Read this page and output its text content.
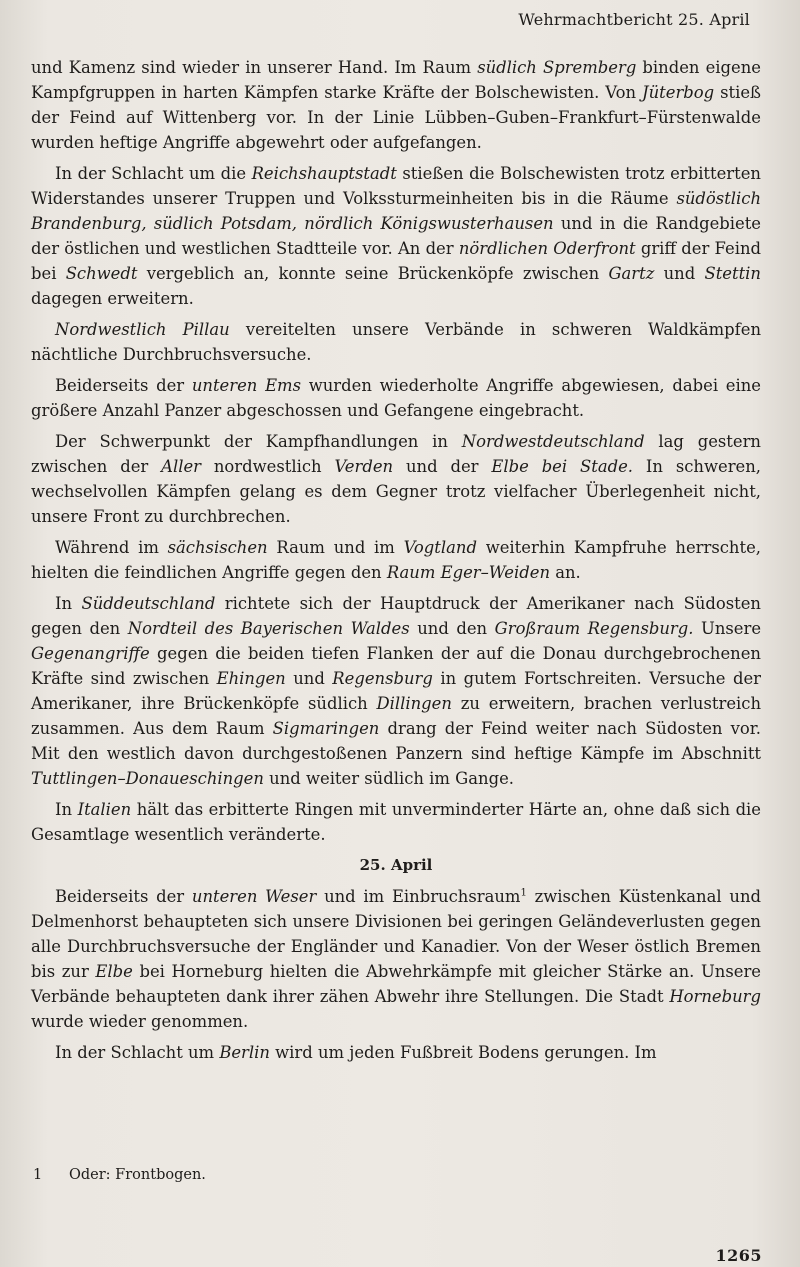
Wehrmachtbericht 25. April

und Kamenz sind wieder in unserer Hand. Im Raum südlich Spremberg binden eigene Kampfgruppen in harten Kämpfen starke Kräfte der Bolschewisten. Von Jüterbog stieß der Feind auf Wittenberg vor. In der Linie Lübben–Guben–Frankfurt–Fürstenwalde wurden heftige Angriffe abgewehrt oder aufgefangen.

In der Schlacht um die Reichshauptstadt stießen die Bolschewisten trotz erbitterten Widerstandes unserer Truppen und Volkssturmeinheiten bis in die Räume südöstlich Brandenburg, südlich Potsdam, nördlich Königswusterhausen und in die Randgebiete der östlichen und westlichen Stadtteile vor. An der nördlichen Oderfront griff der Feind bei Schwedt vergeblich an, konnte seine Brückenköpfe zwischen Gartz und Stettin dagegen erweitern.

Nordwestlich Pillau vereitelten unsere Verbände in schweren Waldkämpfen nächtliche Durchbruchsversuche.

Beiderseits der unteren Ems wurden wiederholte Angriffe abgewiesen, dabei eine größere Anzahl Panzer abgeschossen und Gefangene eingebracht.

Der Schwerpunkt der Kampfhandlungen in Nordwestdeutschland lag gestern zwischen der Aller nordwestlich Verden und der Elbe bei Stade. In schweren, wechselvollen Kämpfen gelang es dem Gegner trotz vielfacher Überlegenheit nicht, unsere Front zu durchbrechen.

Während im sächsischen Raum und im Vogtland weiterhin Kampfruhe herrschte, hielten die feindlichen Angriffe gegen den Raum Eger–Weiden an.

In Süddeutschland richtete sich der Hauptdruck der Amerikaner nach Südosten gegen den Nordteil des Bayerischen Waldes und den Großraum Regensburg. Unsere Gegenangriffe gegen die beiden tiefen Flanken der auf die Donau durchgebrochenen Kräfte sind zwischen Ehingen und Regensburg in gutem Fortschreiten. Versuche der Amerikaner, ihre Brückenköpfe südlich Dillingen zu erweitern, brachen verlustreich zusammen. Aus dem Raum Sigmaringen drang der Feind weiter nach Südosten vor. Mit den westlich davon durchgestoßenen Panzern sind heftige Kämpfe im Abschnitt Tuttlingen–Donaueschingen und weiter südlich im Gange.

In Italien hält das erbitterte Ringen mit unverminderter Härte an, ohne daß sich die Gesamtlage wesentlich veränderte.

25. April

Beiderseits der unteren Weser und im Einbruchsraum$^1$ zwischen Küstenkanal und Delmenhorst behaupteten sich unsere Divisionen bei geringen Geländeverlusten gegen alle Durchbruchsversuche der Engländer und Kanadier. Von der Weser östlich Bremen bis zur Elbe bei Horneburg hielten die Abwehrkämpfe mit gleicher Stärke an. Unsere Verbände behaupteten dank ihrer zähen Abwehr ihre Stellungen. Die Stadt Horneburg wurde wieder genommen.

In der Schlacht um Berlin wird um jeden Fußbreit Bodens gerungen. Im

1 Oder: Frontbogen.
1265
